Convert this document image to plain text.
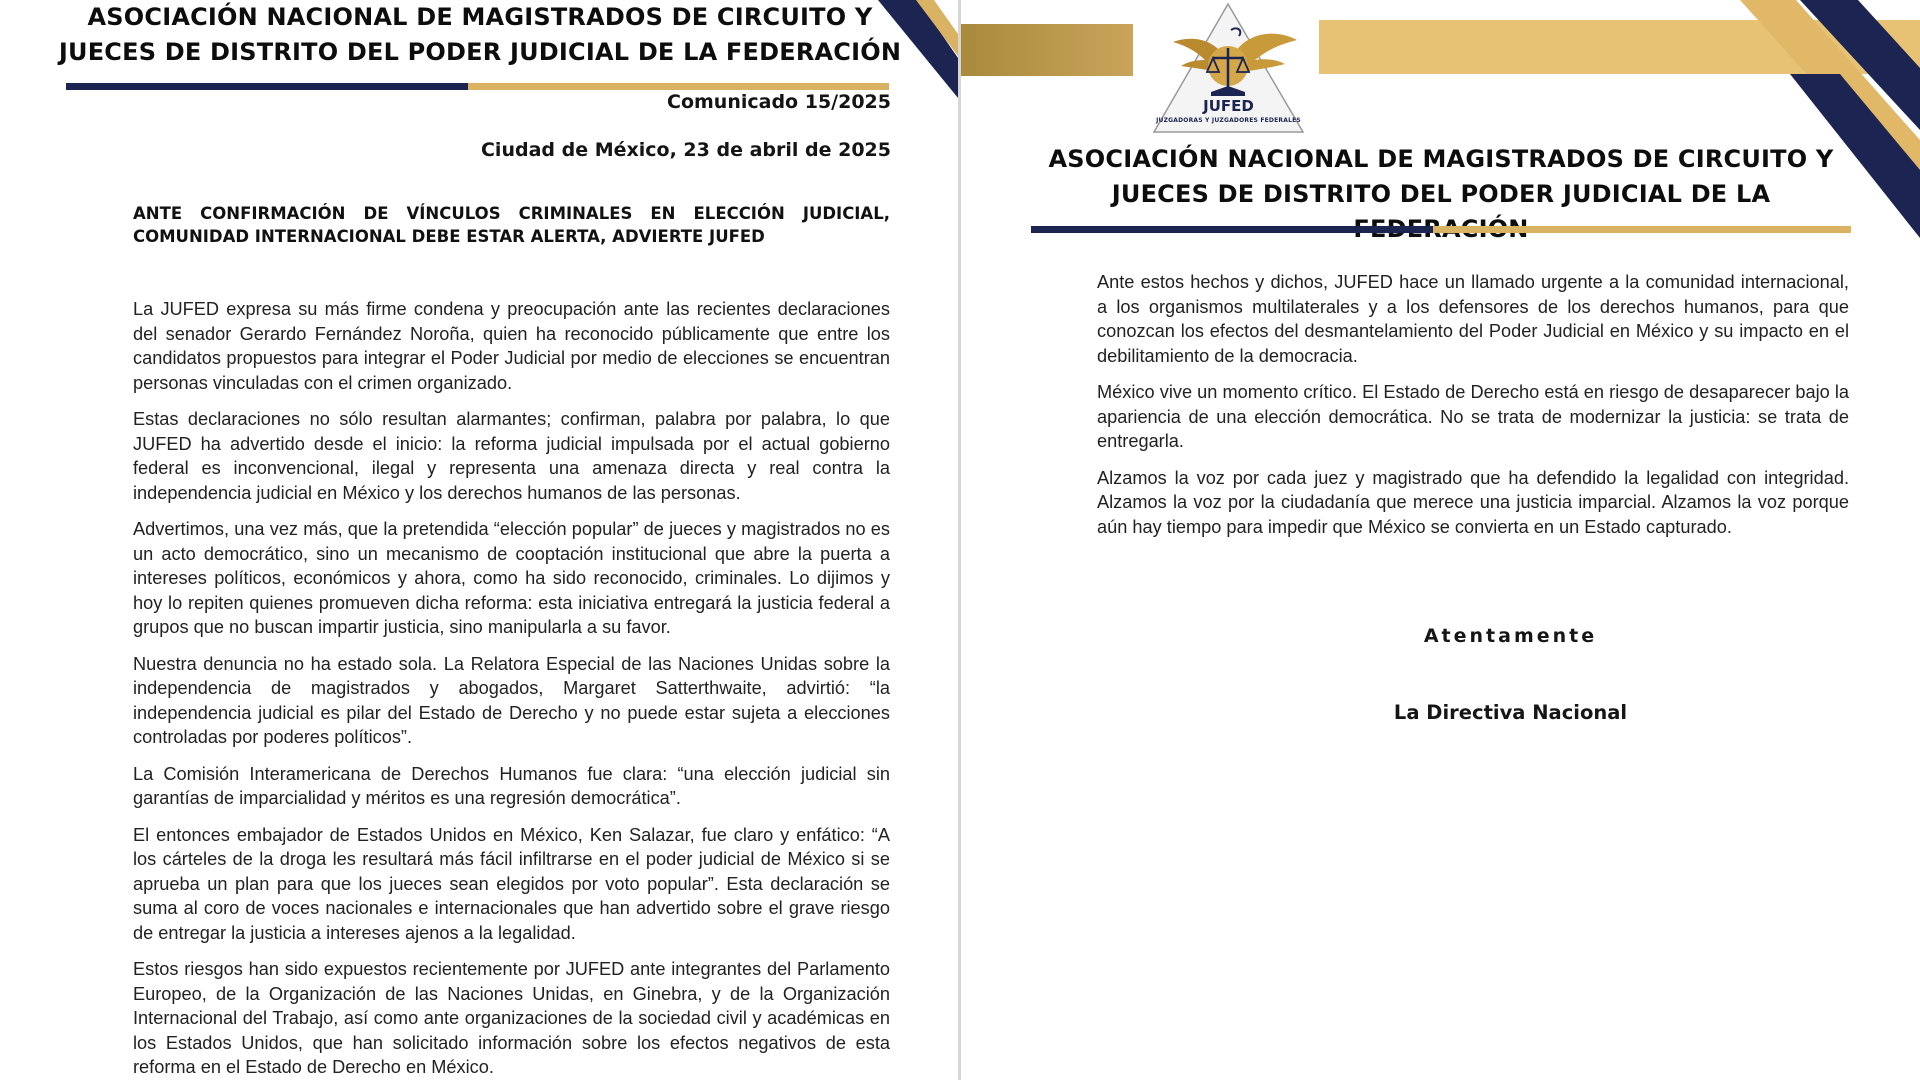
ASOCIACIÓN NACIONAL DE MAGISTRADOS DE CIRCUITO Y JUECES DE DISTRITO DEL PODER JUDICIAL DE LA FEDERACIÓN

Comunicado 15/2025

Ciudad de México, 23 de abril de 2025

ANTE CONFIRMACIÓN DE VÍNCULOS CRIMINALES EN ELECCIÓN JUDICIAL, COMUNIDAD INTERNACIONAL DEBE ESTAR ALERTA, ADVIERTE JUFED

La JUFED expresa su más firme condena y preocupación ante las recientes declaraciones del senador Gerardo Fernández Noroña, quien ha reconocido públicamente que entre los candidatos propuestos para integrar el Poder Judicial por medio de elecciones se encuentran personas vinculadas con el crimen organizado.

Estas declaraciones no sólo resultan alarmantes; confirman, palabra por palabra, lo que JUFED ha advertido desde el inicio: la reforma judicial impulsada por el actual gobierno federal es inconvencional, ilegal y representa una amenaza directa y real contra la independencia judicial en México y los derechos humanos de las personas.

Advertimos, una vez más, que la pretendida “elección popular” de jueces y magistrados no es un acto democrático, sino un mecanismo de cooptación institucional que abre la puerta a intereses políticos, económicos y ahora, como ha sido reconocido, criminales. Lo dijimos y hoy lo repiten quienes promueven dicha reforma: esta iniciativa entregará la justicia federal a grupos que no buscan impartir justicia, sino manipularla a su favor.

Nuestra denuncia no ha estado sola. La Relatora Especial de las Naciones Unidas sobre la independencia de magistrados y abogados, Margaret Satterthwaite, advirtió: “la independencia judicial es pilar del Estado de Derecho y no puede estar sujeta a elecciones controladas por poderes políticos”.

La Comisión Interamericana de Derechos Humanos fue clara: “una elección judicial sin garantías de imparcialidad y méritos es una regresión democrática”.

El entonces embajador de Estados Unidos en México, Ken Salazar, fue claro y enfático: “A los cárteles de la droga les resultará más fácil infiltrarse en el poder judicial de México si se aprueba un plan para que los jueces sean elegidos por voto popular”. Esta declaración se suma al coro de voces nacionales e internacionales que han advertido sobre el grave riesgo de entregar la justicia a intereses ajenos a la legalidad.

Estos riesgos han sido expuestos recientemente por JUFED ante integrantes del Parlamento Europeo, de la Organización de las Naciones Unidas, en Ginebra, y de la Organización Internacional del Trabajo, así como ante organizaciones de la sociedad civil y académicas en los Estados Unidos, que han solicitado información sobre los efectos negativos de esta reforma en el Estado de Derecho en México.

JUFED
JUZGADORAS Y JUZGADORES FEDERALES
ASOCIACIÓN NACIONAL DE MAGISTRADOS DE CIRCUITO Y JUECES DE DISTRITO DEL PODER JUDICIAL DE LA

Ante estos hechos y dichos, JUFED hace un llamado urgente a la comunidad internacional, a los organismos multilaterales y a los defensores de los derechos humanos, para que conozcan los efectos del desmantelamiento del Poder Judicial en México y su impacto en el debilitamiento de la democracia.

México vive un momento crítico. El Estado de Derecho está en riesgo de desaparecer bajo la apariencia de una elección democrática. No se trata de modernizar la justicia: se trata de entregarla.

Alzamos la voz por cada juez y magistrado que ha defendido la legalidad con integridad. Alzamos la voz por la ciudadanía que merece una justicia imparcial. Alzamos la voz porque aún hay tiempo para impedir que México se convierta en un Estado capturado.

Atentamente

La Directiva Nacional
